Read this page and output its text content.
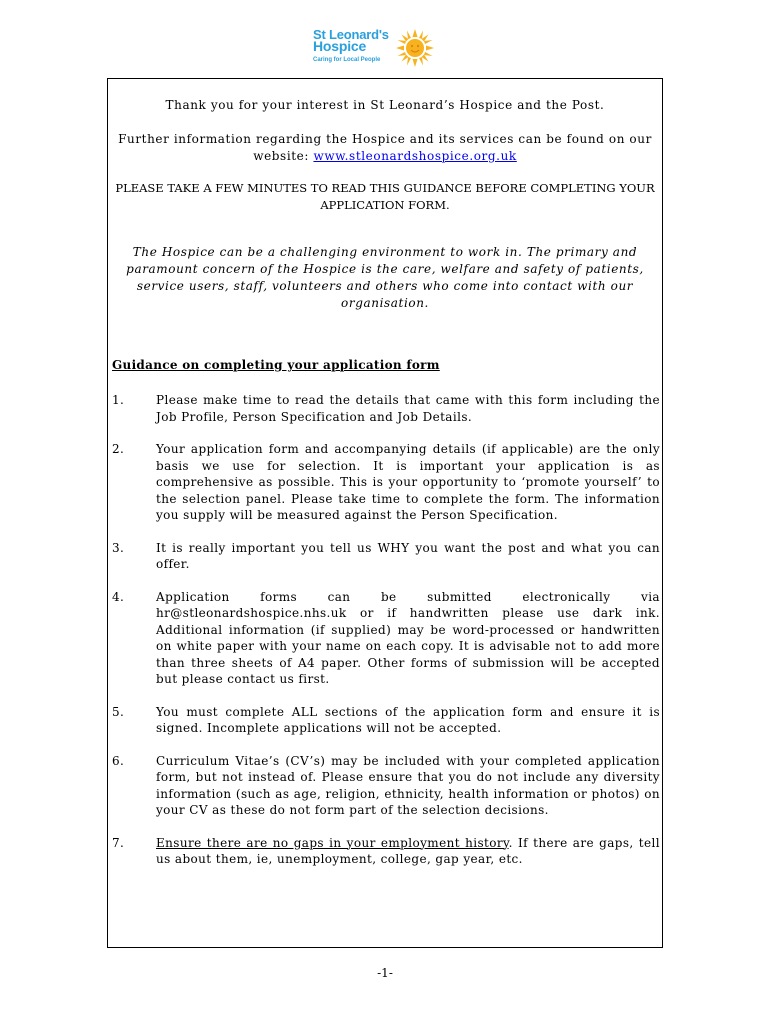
St Leonard's
Hospice
Caring for Local People
Thank you for your interest in St Leonard’s Hospice and the Post.
Further information regarding the Hospice and its services can be found on our website: www.stleonardshospice.org.uk
PLEASE TAKE A FEW MINUTES TO READ THIS GUIDANCE BEFORE COMPLETING YOUR APPLICATION FORM.
The Hospice can be a challenging environment to work in. The primary and paramount concern of the Hospice is the care, welfare and safety of patients, service users, staff, volunteers and others who come into contact with our organisation.
Guidance on completing your application form
1.	Please make time to read the details that came with this form including the Job Profile, Person Specification and Job Details.
2.	Your application form and accompanying details (if applicable) are the only basis we use for selection. It is important your application is as comprehensive as possible. This is your opportunity to ‘promote yourself’ to the selection panel. Please take time to complete the form. The information you supply will be measured against the Person Specification.
3.	It is really important you tell us WHY you want the post and what you can offer.
4.	Application forms can be submitted electronically via hr@stleonardshospice.nhs.uk or if handwritten please use dark ink. Additional information (if supplied) may be word-processed or handwritten on white paper with your name on each copy. It is advisable not to add more than three sheets of A4 paper. Other forms of submission will be accepted but please contact us first.
5.	You must complete ALL sections of the application form and ensure it is signed. Incomplete applications will not be accepted.
6.	Curriculum Vitae’s (CV’s) may be included with your completed application form, but not instead of. Please ensure that you do not include any diversity information (such as age, religion, ethnicity, health information or photos) on your CV as these do not form part of the selection decisions.
7.	Ensure there are no gaps in your employment history. If there are gaps, tell us about them, ie, unemployment, college, gap year, etc.
-1-
